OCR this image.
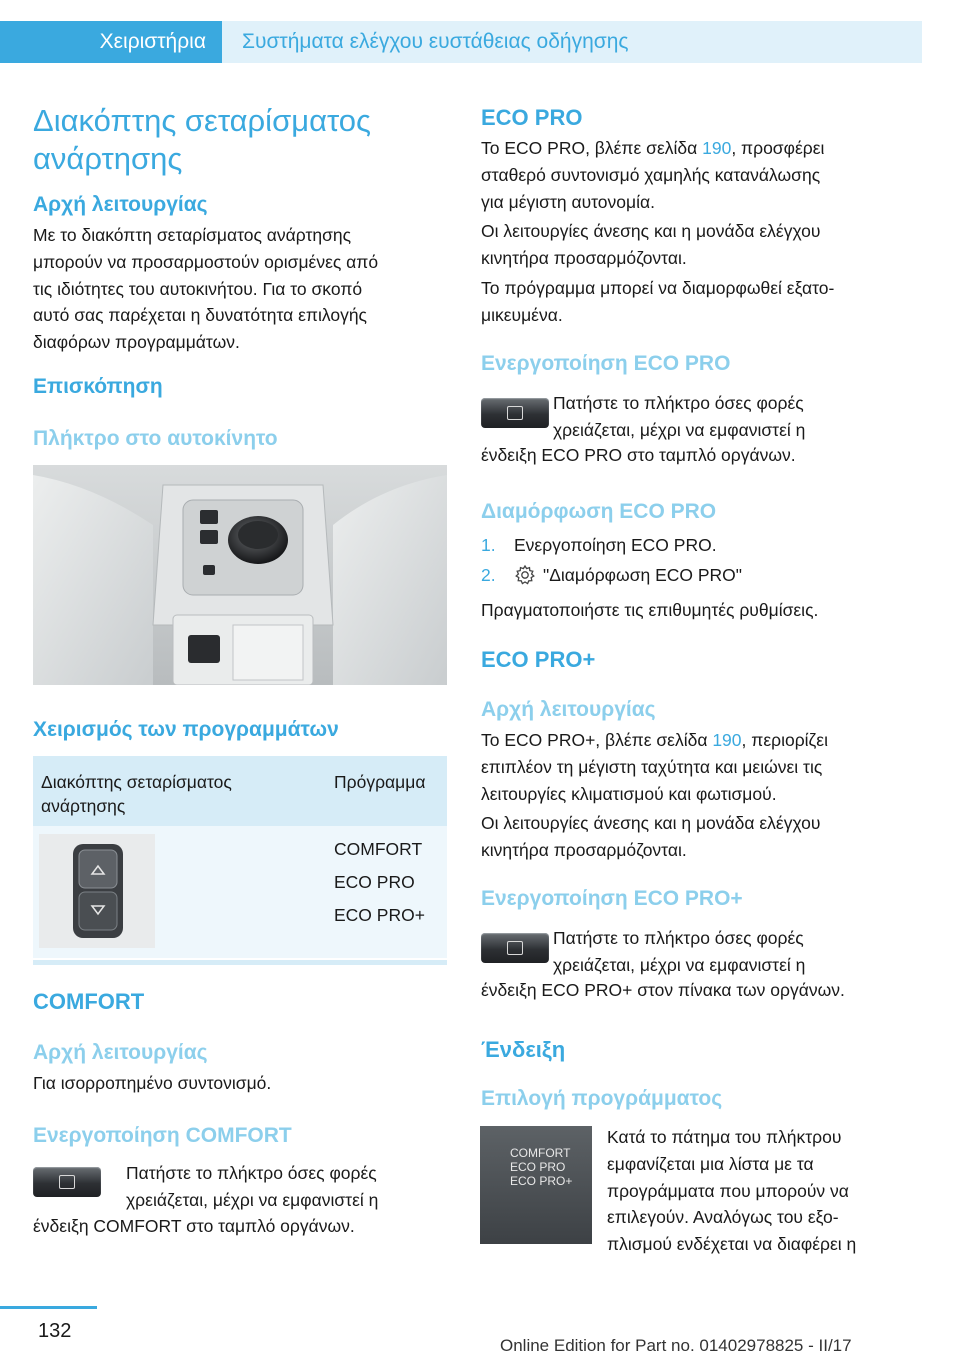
Χειριστήρια Συστήματα ελέγχου ευστάθειας οδήγησης
Διακόπτης σεταρίσματος
ανάρτησης
Αρχή λειτουργίας
Με το διακόπτη σεταρίσματος ανάρτησης
μπορούν να προσαρμοστούν ορισμένες από
τις ιδιότητες του αυτοκινήτου. Για το σκοπό
αυτό σας παρέχεται η δυνατότητα επιλογής
διαφόρων προγραμμάτων.
Επισκόπηση
Πλήκτρο στο αυτοκίνητο
Χειρισμός των προγραμμάτων
Διακόπτης σεταρίσματος
ανάρτησης
Πρόγραμμα
COMFORT
ECO PRO
ECO PRO+
COMFORT
Αρχή λειτουργίας
Για ισορροπημένο συντονισμό.
Ενεργοποίηση COMFORT
Πατήστε το πλήκτρο όσες φορές
χρειάζεται, μέχρι να εμφανιστεί η
ένδειξη COMFORT στο ταμπλό οργάνων.
ECO PRO
Το ECO PRO, βλέπε σελίδα 190, προσφέρει
σταθερό συντονισμό χαμηλής κατανάλωσης
για μέγιστη αυτονομία.
Οι λειτουργίες άνεσης και η μονάδα ελέγχου
κινητήρα προσαρμόζονται.
Το πρόγραμμα μπορεί να διαμορφωθεί εξατο-
μικευμένα.
Ενεργοποίηση ECO PRO
Πατήστε το πλήκτρο όσες φορές
χρειάζεται, μέχρι να εμφανιστεί η
ένδειξη ECO PRO στο ταμπλό οργάνων.
Διαμόρφωση ECO PRO
1. Ενεργοποίηση ECO PRO.
2.	"Διαμόρφωση ECO PRO"
Πραγματοποιήστε τις επιθυμητές ρυθμίσεις.
ECO PRO+
Αρχή λειτουργίας
Το ECO PRO+, βλέπε σελίδα 190, περιορίζει
επιπλέον τη μέγιστη ταχύτητα και μειώνει τις
λειτουργίες κλιματισμού και φωτισμού.
Οι λειτουργίες άνεσης και η μονάδα ελέγχου
κινητήρα προσαρμόζονται.
Ενεργοποίηση ECO PRO+
Πατήστε το πλήκτρο όσες φορές
χρειάζεται, μέχρι να εμφανιστεί η
ένδειξη ECO PRO+ στον πίνακα των οργάνων.
Ένδειξη
Επιλογή προγράμματος
COMFORT
ECO PRO
ECO PRO+
Κατά το πάτημα του πλήκτρου
εμφανίζεται μια λίστα με τα
προγράμματα που μπορούν να
επιλεγούν. Αναλόγως του εξο-
πλισμού ενδέχεται να διαφέρει η
132
Online Edition for Part no. 01402978825 - II/17
